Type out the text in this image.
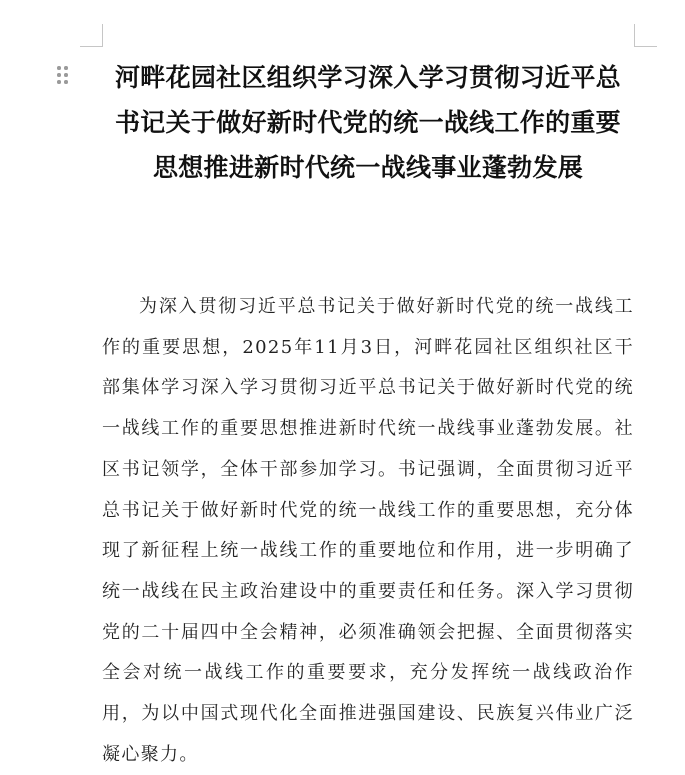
河畔花园社区组织学习深入学习贯彻习近平总书记关于做好新时代党的统一战线工作的重要思想推进新时代统一战线事业蓬勃发展

为深入贯彻习近平总书记关于做好新时代党的统一战线工作的重要思想，2025年11月3日，河畔花园社区组织社区干部集体学习深入学习贯彻习近平总书记关于做好新时代党的统一战线工作的重要思想推进新时代统一战线事业蓬勃发展。社区书记领学，全体干部参加学习。书记强调，全面贯彻习近平总书记关于做好新时代党的统一战线工作的重要思想，充分体现了新征程上统一战线工作的重要地位和作用，进一步明确了统一战线在民主政治建设中的重要责任和任务。深入学习贯彻党的二十届四中全会精神，必须准确领会把握、全面贯彻落实全会对统一战线工作的重要要求，充分发挥统一战线政治作用，为以中国式现代化全面推进强国建设、民族复兴伟业广泛凝心聚力。
